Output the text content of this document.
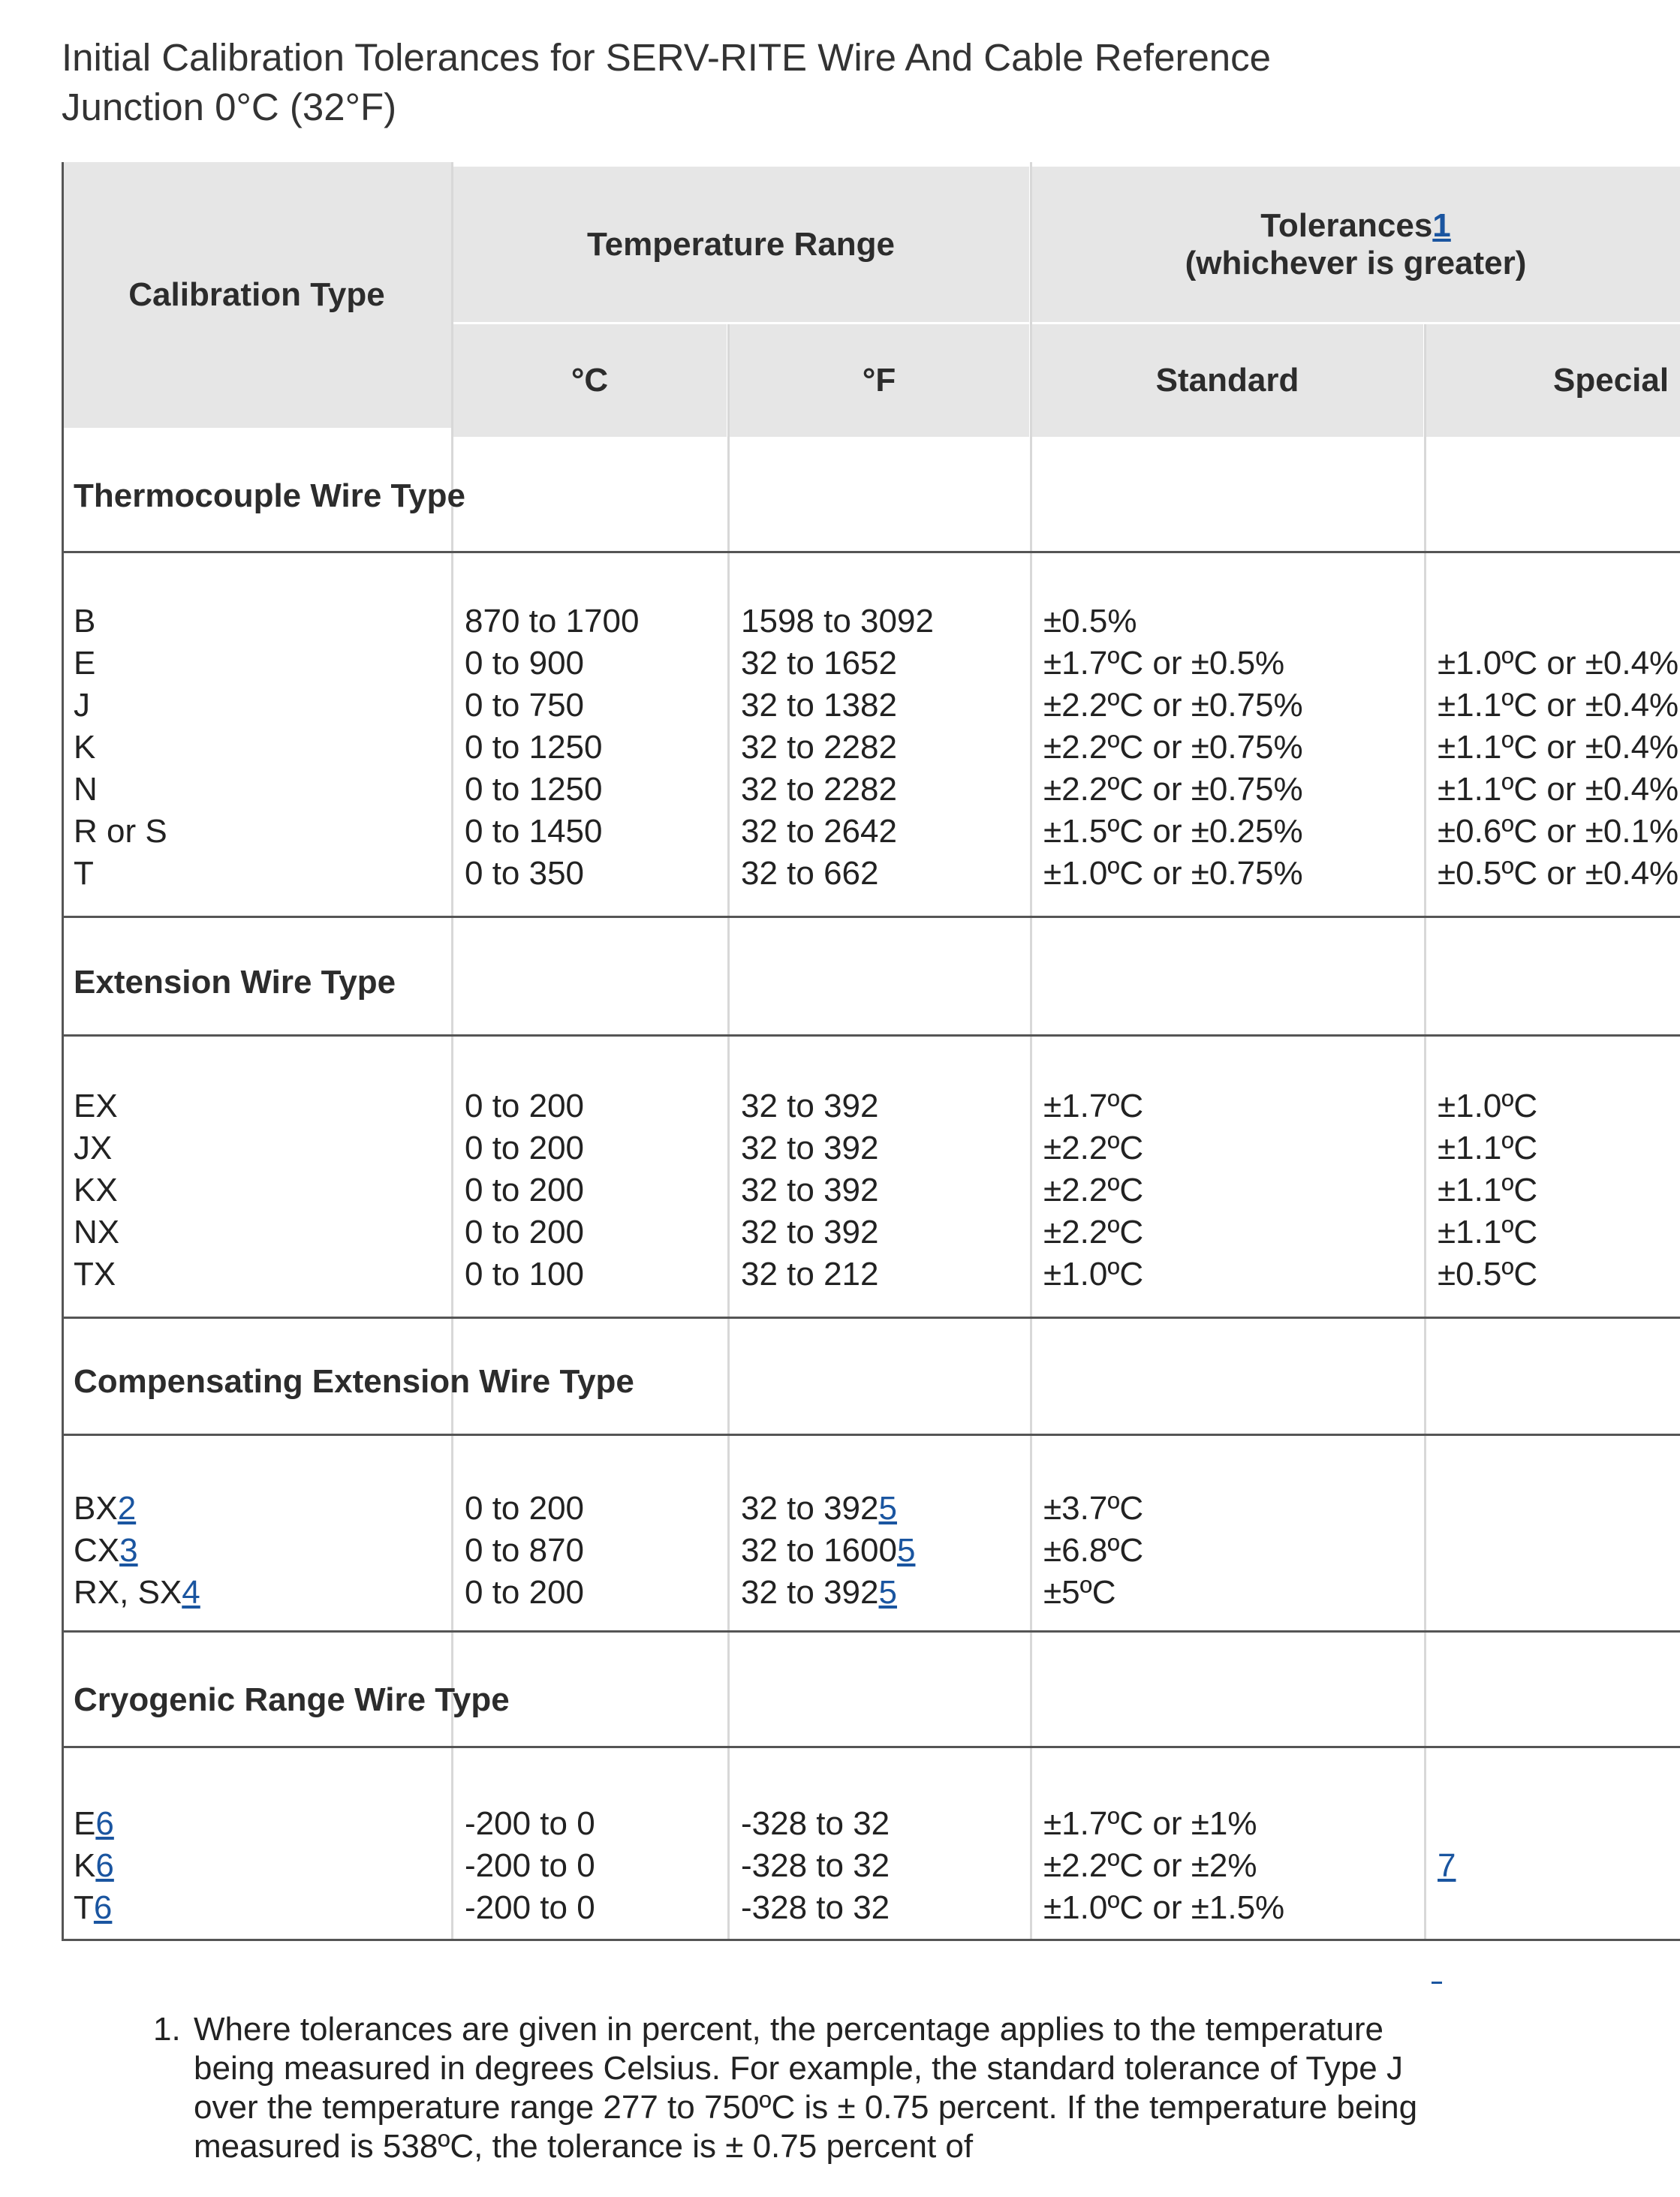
Initial Calibration Tolerances for SERV-RITE Wire And Cable Reference Junction 0°C (32°F)
Calibration Type
Temperature Range
°C	°F
Tolerances1
(whichever is greater)
Standard	Special
Thermocouple Wire Type
Extension Wire Type
Compensating Extension Wire Type
Cryogenic Range Wire Type
B
E
J
K
N
R or S
T
870 to 1700
0 to 900
0 to 750
0 to 1250
0 to 1250
0 to 1450
0 to 350
1598 to 3092
32 to 1652
32 to 1382
32 to 2282
32 to 2282
32 to 2642
32 to 662
±0.5%
±1.7ºC or ±0.5%
±2.2ºC or ±0.75%
±2.2ºC or ±0.75%
±2.2ºC or ±0.75%
±1.5ºC or ±0.25%
±1.0ºC or ±0.75%
±1.0ºC or ±0.4%
±1.1ºC or ±0.4%
±1.1ºC or ±0.4%
±1.1ºC or ±0.4%
±0.6ºC or ±0.1%
±0.5ºC or ±0.4%
EX
JX
KX
NX
TX
0 to 200
0 to 200
0 to 200
0 to 200
0 to 100
32 to 392
32 to 392
32 to 392
32 to 392
32 to 212
±1.7ºC
±2.2ºC
±2.2ºC
±2.2ºC
±1.0ºC
±1.0ºC
±1.1ºC
±1.1ºC
±1.1ºC
±0.5ºC
BX2
CX3
RX, SX4
0 to 200
0 to 870
0 to 200
32 to 3925
32 to 16005
32 to 3925
±3.7ºC
±6.8ºC
±5ºC
E6
K6
T6
-200 to 0
-200 to 0
-200 to 0
-328 to 32
-328 to 32
-328 to 32
±1.7ºC or ±1%
±2.2ºC or ±2%
±1.0ºC or ±1.5%
7
1. Where tolerances are given in percent, the percentage applies to the temperature being measured in degrees Celsius. For example, the standard tolerance of Type J over the temperature range 277 to 750ºC is ± 0.75 percent. If the temperature being measured is 538ºC, the tolerance is ± 0.75 percent of
